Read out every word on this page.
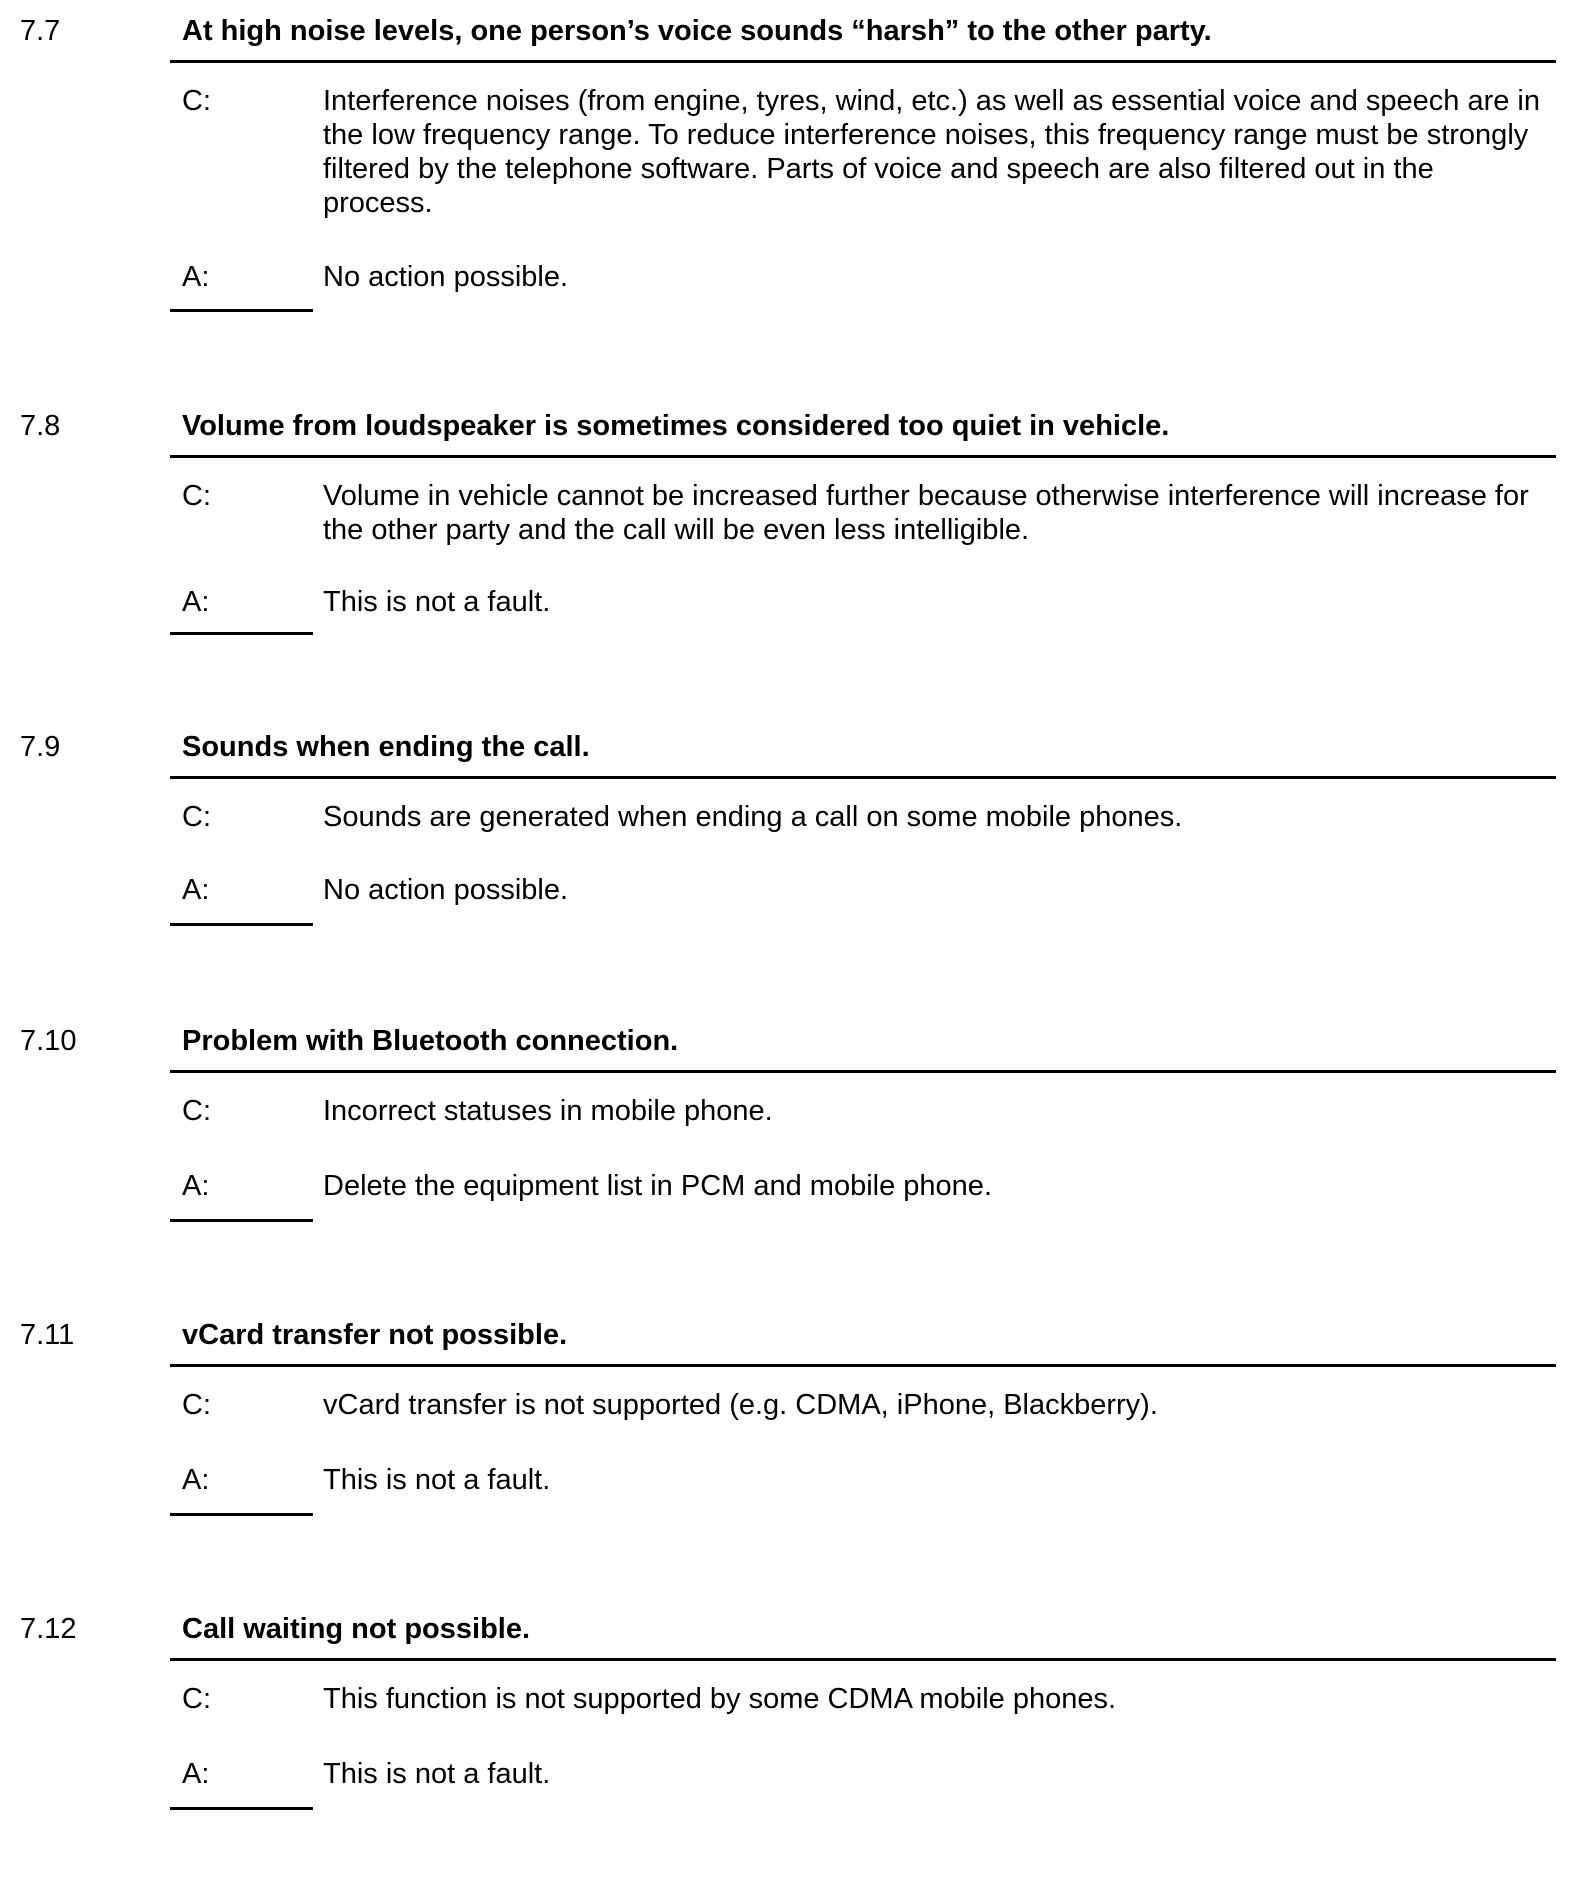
7.7	At high noise levels, one person’s voice sounds “harsh” to the other party.
C:	Interference noises (from engine, tyres, wind, etc.) as well as essential voice and speech are in the low frequency range. To reduce interference noises, this frequency range must be strongly filtered by the telephone software. Parts of voice and speech are also filtered out in the process.
A:	No action possible.
7.8	Volume from loudspeaker is sometimes considered too quiet in vehicle.
C:	Volume in vehicle cannot be increased further because otherwise interference will increase for the other party and the call will be even less intelligible.
A:	This is not a fault.
7.9	Sounds when ending the call.
C:	Sounds are generated when ending a call on some mobile phones.
A:	No action possible.
7.10	Problem with Bluetooth connection.
C:	Incorrect statuses in mobile phone.
A:	Delete the equipment list in PCM and mobile phone.
7.11	vCard transfer not possible.
C:	vCard transfer is not supported (e.g. CDMA, iPhone, Blackberry).
A:	This is not a fault.
7.12	Call waiting not possible.
C:	This function is not supported by some CDMA mobile phones.
A:	This is not a fault.
